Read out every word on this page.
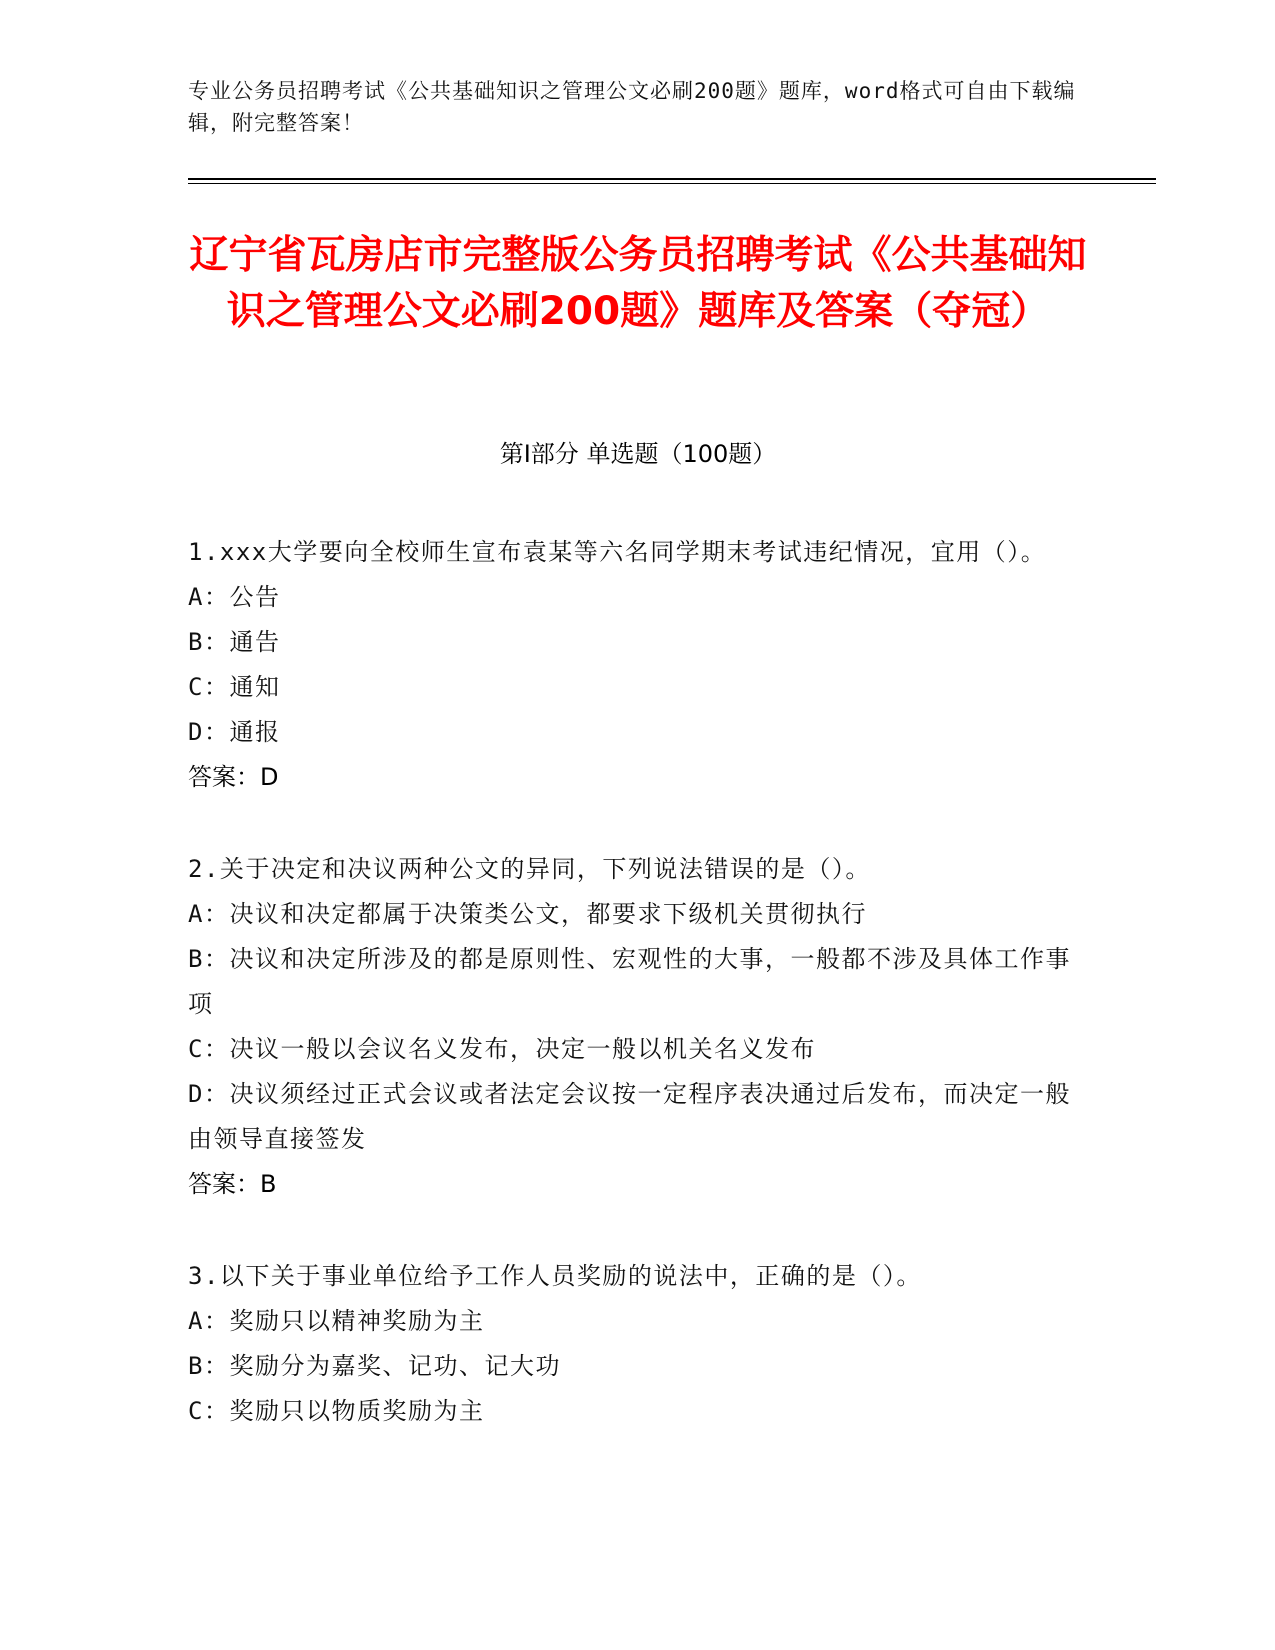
专业公务员招聘考试《公共基础知识之管理公文必刷200题》题库，word格式可自由下载编辑，附完整答案！
辽宁省瓦房店市完整版公务员招聘考试《公共基础知识之管理公文必刷200题》题库及答案（夺冠）
第Ⅰ部分 单选题（100题）

1.xxx大学要向全校师生宣布袁某等六名同学期末考试违纪情况，宜用（）。

A：公告

B：通告

C：通知

D：通报

答案：D

2.关于决定和决议两种公文的异同，下列说法错误的是（）。

A：决议和决定都属于决策类公文，都要求下级机关贯彻执行

B：决议和决定所涉及的都是原则性、宏观性的大事，一般都不涉及具体工作事项

C：决议一般以会议名义发布，决定一般以机关名义发布

D：决议须经过正式会议或者法定会议按一定程序表决通过后发布，而决定一般由领导直接签发

答案：B

3.以下关于事业单位给予工作人员奖励的说法中，正确的是（）。

A：奖励只以精神奖励为主

B：奖励分为嘉奖、记功、记大功

C：奖励只以物质奖励为主
